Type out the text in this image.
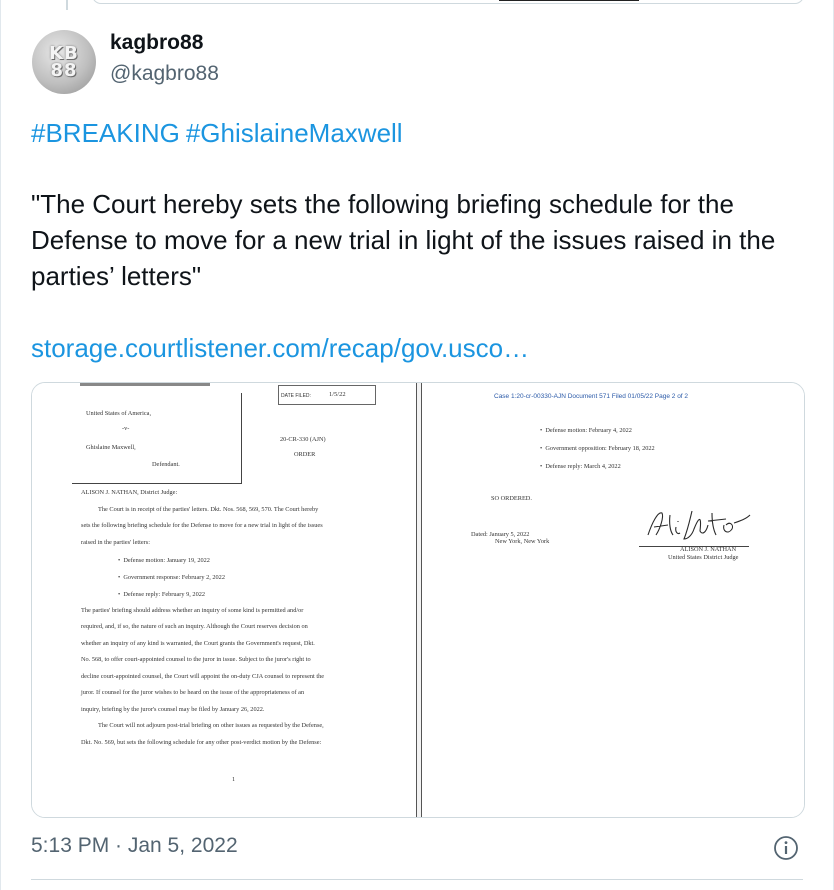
KB
88
kagbro88
@kagbro88
#BREAKING #GhislaineMaxwell
"The Court hereby sets the following briefing schedule for the Defense to move for a new trial in light of the issues raised in the parties’ letters"
storage.courtlistener.com/recap/gov.usco…
DATE FILED:	1/5/22
United States of America,
-v-
Ghislaine Maxwell,
Defendant.
20-CR-330 (AJN)
ORDER
ALISON J. NATHAN, District Judge:
The Court is in receipt of the parties' letters. Dkt. Nos. 568, 569, 570. The Court hereby
sets the following briefing schedule for the Defense to move for a new trial in light of the issues
raised in the parties' letters:
•  Defense motion: January 19, 2022
•  Government response: February 2, 2022
•  Defense reply: February 9, 2022
The parties' briefing should address whether an inquiry of some kind is permitted and/or
required, and, if so, the nature of such an inquiry. Although the Court reserves decision on
whether an inquiry of any kind is warranted, the Court grants the Government's request, Dkt.
No. 568, to offer court-appointed counsel to the juror in issue. Subject to the juror's right to
decline court-appointed counsel, the Court will appoint the on-duty CJA counsel to represent the
juror. If counsel for the juror wishes to be heard on the issue of the appropriateness of an
inquiry, briefing by the juror's counsel may be filed by January 26, 2022.
The Court will not adjourn post-trial briefing on other issues as requested by the Defense,
Dkt. No. 569, but sets the following schedule for any other post-verdict motion by the Defense:
1
Case 1:20-cr-00330-AJN Document 571 Filed 01/05/22 Page 2 of 2
•  Defense motion: February 4, 2022
•  Government opposition: February 18, 2022
•  Defense reply: March 4, 2022
SO ORDERED.
Dated: January 5, 2022
New York, New York
ALISON J. NATHAN
United States District Judge
5:13 PM · Jan 5, 2022
